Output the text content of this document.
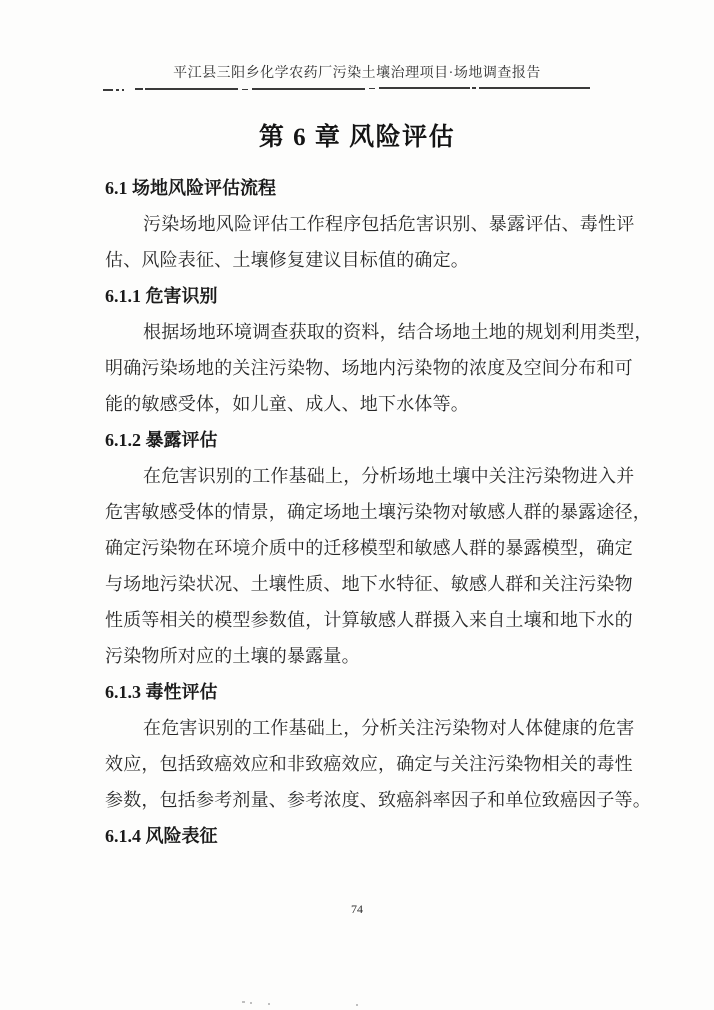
平江县三阳乡化学农药厂污染土壤治理项目·场地调查报告
第 6 章 风险评估
6.1 场地风险评估流程
污染场地风险评估工作程序包括危害识别、暴露评估、毒性评
估、风险表征、土壤修复建议目标值的确定。
6.1.1 危害识别
根据场地环境调查获取的资料，结合场地土地的规划利用类型，
明确污染场地的关注污染物、场地内污染物的浓度及空间分布和可
能的敏感受体，如儿童、成人、地下水体等。
6.1.2 暴露评估
在危害识别的工作基础上，分析场地土壤中关注污染物进入并
危害敏感受体的情景，确定场地土壤污染物对敏感人群的暴露途径，
确定污染物在环境介质中的迁移模型和敏感人群的暴露模型，确定
与场地污染状况、土壤性质、地下水特征、敏感人群和关注污染物
性质等相关的模型参数值，计算敏感人群摄入来自土壤和地下水的
污染物所对应的土壤的暴露量。
6.1.3 毒性评估
在危害识别的工作基础上，分析关注污染物对人体健康的危害
效应，包括致癌效应和非致癌效应，确定与关注污染物相关的毒性
参数，包括参考剂量、参考浓度、致癌斜率因子和单位致癌因子等。
6.1.4 风险表征
74
